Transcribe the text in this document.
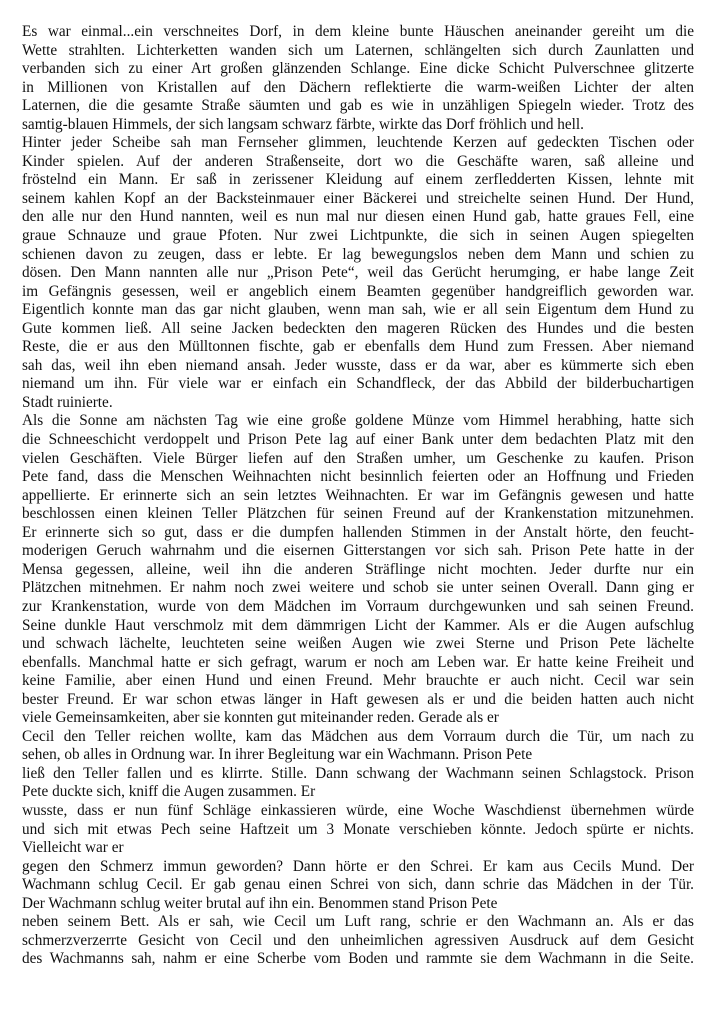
Es war einmal...ein verschneites Dorf, in dem kleine bunte Häuschen aneinander gereiht um die
Wette strahlten. Lichterketten wanden sich um Laternen, schlängelten sich durch Zaunlatten und
verbanden sich zu einer Art großen glänzenden Schlange. Eine dicke Schicht Pulverschnee glitzerte
in Millionen von Kristallen auf den Dächern reflektierte die warm-weißen Lichter der alten
Laternen, die die gesamte Straße säumten und gab es wie in unzähligen Spiegeln wieder. Trotz des
samtig-blauen Himmels, der sich langsam schwarz färbte, wirkte das Dorf fröhlich und hell.
Hinter jeder Scheibe sah man Fernseher glimmen, leuchtende Kerzen auf gedeckten Tischen oder
Kinder spielen. Auf der anderen Straßenseite, dort wo die Geschäfte waren, saß alleine und
fröstelnd ein Mann. Er saß in zerissener Kleidung auf einem zerfledderten Kissen, lehnte mit
seinem kahlen Kopf an der Backsteinmauer einer Bäckerei und streichelte seinen Hund. Der Hund,
den alle nur den Hund nannten, weil es nun mal nur diesen einen Hund gab, hatte graues Fell, eine
graue Schnauze und graue Pfoten. Nur zwei Lichtpunkte, die sich in seinen Augen spiegelten
schienen davon zu zeugen, dass er lebte. Er lag bewegungslos neben dem Mann und schien zu
dösen. Den Mann nannten alle nur „Prison Pete“, weil das Gerücht herumging, er habe lange Zeit
im Gefängnis gesessen, weil er angeblich einem Beamten gegenüber handgreiflich geworden war.
Eigentlich konnte man das gar nicht glauben, wenn man sah, wie er all sein Eigentum dem Hund zu
Gute kommen ließ. All seine Jacken bedeckten den mageren Rücken des Hundes und die besten
Reste, die er aus den Mülltonnen fischte, gab er ebenfalls dem Hund zum Fressen. Aber niemand
sah das, weil ihn eben niemand ansah. Jeder wusste, dass er da war, aber es kümmerte sich eben
niemand um ihn. Für viele war er einfach ein Schandfleck, der das Abbild der bilderbuchartigen
Stadt ruinierte.
Als die Sonne am nächsten Tag wie eine große goldene Münze vom Himmel herabhing, hatte sich
die Schneeschicht verdoppelt und Prison Pete lag auf einer Bank unter dem bedachten Platz mit den
vielen Geschäften. Viele Bürger liefen auf den Straßen umher, um Geschenke zu kaufen. Prison
Pete fand, dass die Menschen Weihnachten nicht besinnlich feierten oder an Hoffnung und Frieden
appellierte. Er erinnerte sich an sein letztes Weihnachten. Er war im Gefängnis gewesen und hatte
beschlossen einen kleinen Teller Plätzchen für seinen Freund auf der Krankenstation mitzunehmen.
Er erinnerte sich so gut, dass er die dumpfen hallenden Stimmen in der Anstalt hörte, den feucht-
moderigen Geruch wahrnahm und die eisernen Gitterstangen vor sich sah. Prison Pete hatte in der
Mensa gegessen, alleine, weil ihn die anderen Sträflinge nicht mochten. Jeder durfte nur ein
Plätzchen mitnehmen. Er nahm noch zwei weitere und schob sie unter seinen Overall. Dann ging er
zur Krankenstation, wurde von dem Mädchen im Vorraum durchgewunken und sah seinen Freund.
Seine dunkle Haut verschmolz mit dem dämmrigen Licht der Kammer. Als er die Augen aufschlug
und schwach lächelte, leuchteten seine weißen Augen wie zwei Sterne und Prison Pete lächelte
ebenfalls. Manchmal hatte er sich gefragt, warum er noch am Leben war. Er hatte keine Freiheit und
keine Familie, aber einen Hund und einen Freund. Mehr brauchte er auch nicht. Cecil war sein
bester Freund. Er war schon etwas länger in Haft gewesen als er und die beiden hatten auch nicht
viele Gemeinsamkeiten, aber sie konnten gut miteinander reden. Gerade als er
Cecil den Teller reichen wollte, kam das Mädchen aus dem Vorraum durch die Tür, um nach zu
sehen, ob alles in Ordnung war. In ihrer Begleitung war ein Wachmann. Prison Pete
ließ den Teller fallen und es klirrte. Stille. Dann schwang der Wachmann seinen Schlagstock. Prison
Pete duckte sich, kniff die Augen zusammen. Er
wusste, dass er nun fünf Schläge einkassieren würde, eine Woche Waschdienst übernehmen würde
und sich mit etwas Pech seine Haftzeit um 3 Monate verschieben könnte. Jedoch spürte er nichts.
Vielleicht war er
gegen den Schmerz immun geworden? Dann hörte er den Schrei. Er kam aus Cecils Mund. Der
Wachmann schlug Cecil. Er gab genau einen Schrei von sich, dann schrie das Mädchen in der Tür.
Der Wachmann schlug weiter brutal auf ihn ein. Benommen stand Prison Pete
neben seinem Bett. Als er sah, wie Cecil um Luft rang, schrie er den Wachmann an. Als er das
schmerzverzerrte Gesicht von Cecil und den unheimlichen agressiven Ausdruck auf dem Gesicht
des Wachmanns sah, nahm er eine Scherbe vom Boden und rammte sie dem Wachmann in die Seite.
